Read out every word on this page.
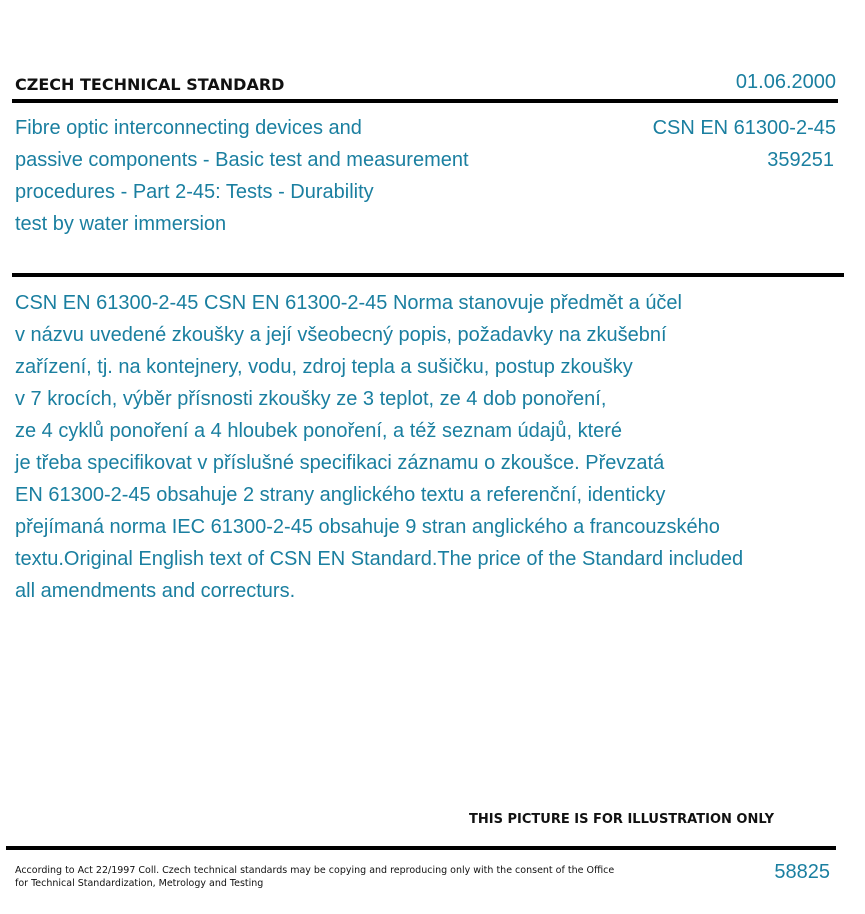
CZECH TECHNICAL STANDARD	01.06.2000
Fibre optic interconnecting devices and
passive components - Basic test and measurement
procedures - Part 2-45: Tests - Durability
test by water immersion
CSN EN 61300-2-45
359251
CSN EN 61300-2-45 CSN EN 61300-2-45 Norma stanovuje předmět a účel
v názvu uvedené zkoušky a její všeobecný popis, požadavky na zkušební
zařízení, tj. na kontejnery, vodu, zdroj tepla a sušičku, postup zkoušky
v 7 krocích, výběr přísnosti zkoušky ze 3 teplot, ze 4 dob ponoření,
ze 4 cyklů ponoření a 4 hloubek ponoření, a též seznam údajů, které
je třeba specifikovat v příslušné specifikaci záznamu o zkoušce. Převzatá
EN 61300-2-45 obsahuje 2 strany anglického textu a referenční, identicky
přejímaná norma IEC 61300-2-45 obsahuje 9 stran anglického a francouzského
textu.Original English text of CSN EN Standard.The price of the Standard included
all amendments and correcturs.
THIS PICTURE IS FOR ILLUSTRATION ONLY
According to Act 22/1997 Coll. Czech technical standards may be copying and reproducing only with the consent of the Office
for Technical Standardization, Metrology and Testing
58825
